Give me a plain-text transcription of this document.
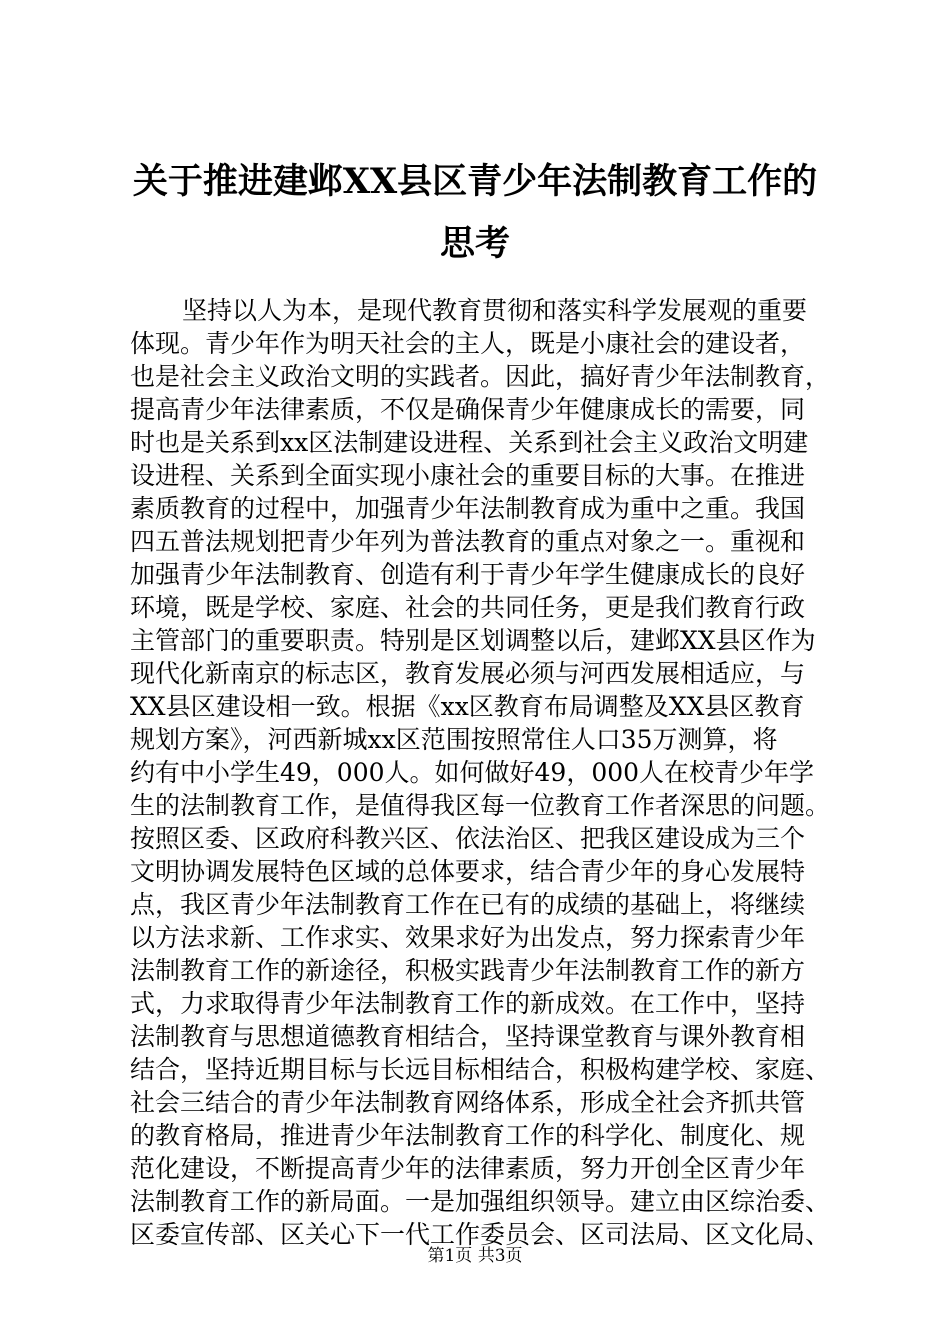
关于推进建邺XX县区青少年法制教育工作的
思考
坚持以人为本，是现代教育贯彻和落实科学发展观的重要
体现。青少年作为明天社会的主人，既是小康社会的建设者，
也是社会主义政治文明的实践者。因此，搞好青少年法制教育，
提高青少年法律素质，不仅是确保青少年健康成长的需要，同
时也是关系到xx区法制建设进程、关系到社会主义政治文明建
设进程、关系到全面实现小康社会的重要目标的大事。在推进
素质教育的过程中，加强青少年法制教育成为重中之重。我国
四五普法规划把青少年列为普法教育的重点对象之一。重视和
加强青少年法制教育、创造有利于青少年学生健康成长的良好
环境，既是学校、家庭、社会的共同任务，更是我们教育行政
主管部门的重要职责。特别是区划调整以后，建邺XX县区作为
现代化新南京的标志区，教育发展必须与河西发展相适应，与
XX县区建设相一致。根据《xx区教育布局调整及XX县区教育
规划方案》，河西新城xx区范围按照常住人口35万测算，将
约有中小学生49，000人。如何做好49，000人在校青少年学
生的法制教育工作，是值得我区每一位教育工作者深思的问题。
按照区委、区政府科教兴区、依法治区、把我区建设成为三个
文明协调发展特色区域的总体要求，结合青少年的身心发展特
点，我区青少年法制教育工作在已有的成绩的基础上，将继续
以方法求新、工作求实、效果求好为出发点，努力探索青少年
法制教育工作的新途径，积极实践青少年法制教育工作的新方
式，力求取得青少年法制教育工作的新成效。在工作中，坚持
法制教育与思想道德教育相结合，坚持课堂教育与课外教育相
结合，坚持近期目标与长远目标相结合，积极构建学校、家庭、
社会三结合的青少年法制教育网络体系，形成全社会齐抓共管
的教育格局，推进青少年法制教育工作的科学化、制度化、规
范化建设，不断提高青少年的法律素质，努力开创全区青少年
法制教育工作的新局面。一是加强组织领导。建立由区综治委、
区委宣传部、区关心下一代工作委员会、区司法局、区文化局、
第1页 共3页
